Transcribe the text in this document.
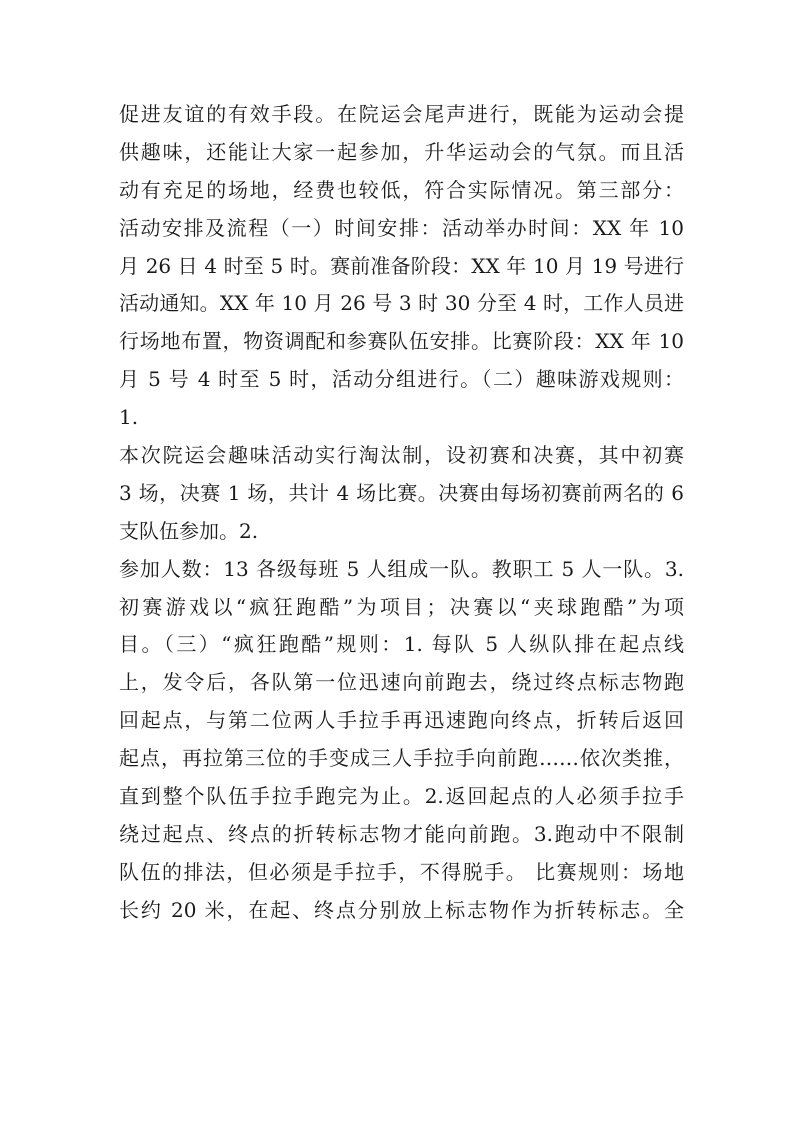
促进友谊的有效手段。在院运会尾声进行，既能为运动会提
供趣味，还能让大家一起参加，升华运动会的气氛。而且活
动有充足的场地，经费也较低，符合实际情况。第三部分：
活动安排及流程（一）时间安排：活动举办时间：XX 年 10
月 26 日 4 时至 5 时。赛前准备阶段：XX 年 10 月 19 号进行
活动通知。XX 年 10 月 26 号 3 时 30 分至 4 时，工作人员进
行场地布置，物资调配和参赛队伍安排。比赛阶段：XX 年 10
月 5 号 4 时至 5 时，活动分组进行。（二）趣味游戏规则：
1.
本次院运会趣味活动实行淘汰制，设初赛和决赛，其中初赛
3 场，决赛 1 场，共计 4 场比赛。决赛由每场初赛前两名的 6
支队伍参加。2.
参加人数：13 各级每班 5 人组成一队。教职工 5 人一队。3.
初赛游戏以“疯狂跑酷”为项目；决赛以“夹球跑酷”为项
目。（三）“疯狂跑酷”规则：1. 每队 5 人纵队排在起点线
上，发令后，各队第一位迅速向前跑去，绕过终点标志物跑
回起点，与第二位两人手拉手再迅速跑向终点，折转后返回
起点，再拉第三位的手变成三人手拉手向前跑……依次类推，
直到整个队伍手拉手跑完为止。2.返回起点的人必须手拉手
绕过起点、终点的折转标志物才能向前跑。3.跑动中不限制
队伍的排法，但必须是手拉手，不得脱手。 比赛规则：场地
长约 20 米，在起、终点分别放上标志物作为折转标志。全
